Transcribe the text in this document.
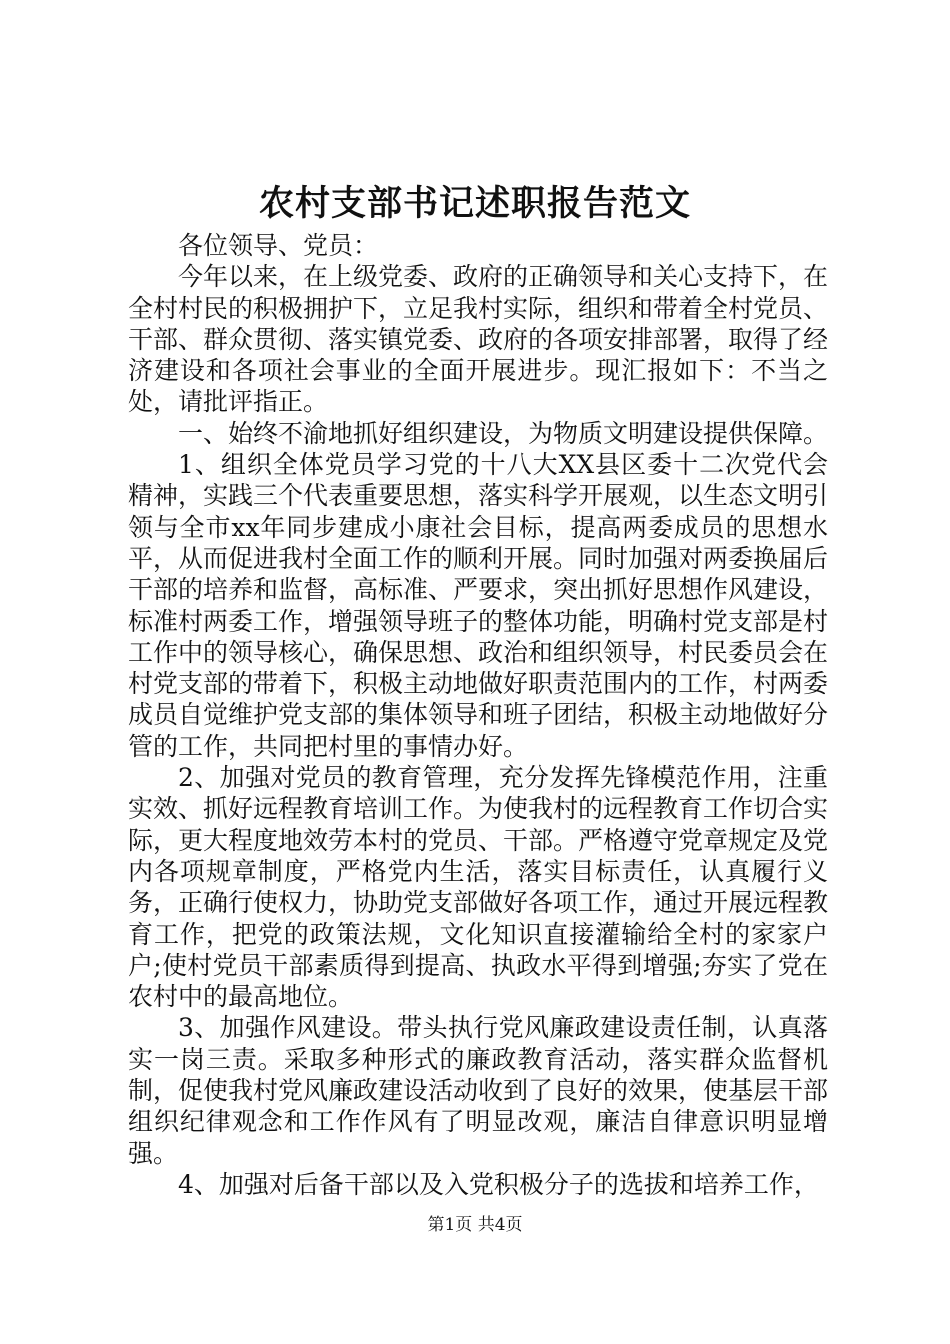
农村支部书记述职报告范文

各位领导、党员：

今年以来，在上级党委、政府的正确领导和关心支持下，在全村村民的积极拥护下，立足我村实际，组织和带着全村党员、干部、群众贯彻、落实镇党委、政府的各项安排部署，取得了经济建设和各项社会事业的全面开展进步。现汇报如下：不当之处，请批评指正。

一、始终不渝地抓好组织建设，为物质文明建设提供保障。

1、组织全体党员学习党的十八大XX县区委十二次党代会精神，实践三个代表重要思想，落实科学开展观，以生态文明引领与全市xx年同步建成小康社会目标，提高两委成员的思想水平，从而促进我村全面工作的顺利开展。同时加强对两委换届后干部的培养和监督，高标准、严要求，突出抓好思想作风建设，标准村两委工作，增强领导班子的整体功能，明确村党支部是村工作中的领导核心，确保思想、政治和组织领导，村民委员会在村党支部的带着下，积极主动地做好职责范围内的工作，村两委成员自觉维护党支部的集体领导和班子团结，积极主动地做好分管的工作，共同把村里的事情办好。

2、加强对党员的教育管理，充分发挥先锋模范作用，注重实效、抓好远程教育培训工作。为使我村的远程教育工作切合实际，更大程度地效劳本村的党员、干部。严格遵守党章规定及党内各项规章制度，严格党内生活，落实目标责任，认真履行义务，正确行使权力，协助党支部做好各项工作，通过开展远程教育工作，把党的政策法规，文化知识直接灌输给全村的家家户户;使村党员干部素质得到提高、执政水平得到增强;夯实了党在农村中的最高地位。

3、加强作风建设。带头执行党风廉政建设责任制，认真落实一岗三责。采取多种形式的廉政教育活动，落实群众监督机制，促使我村党风廉政建设活动收到了良好的效果，使基层干部组织纪律观念和工作作风有了明显改观，廉洁自律意识明显增强。

4、加强对后备干部以及入党积极分子的选拔和培养工作，

第1页 共4页
